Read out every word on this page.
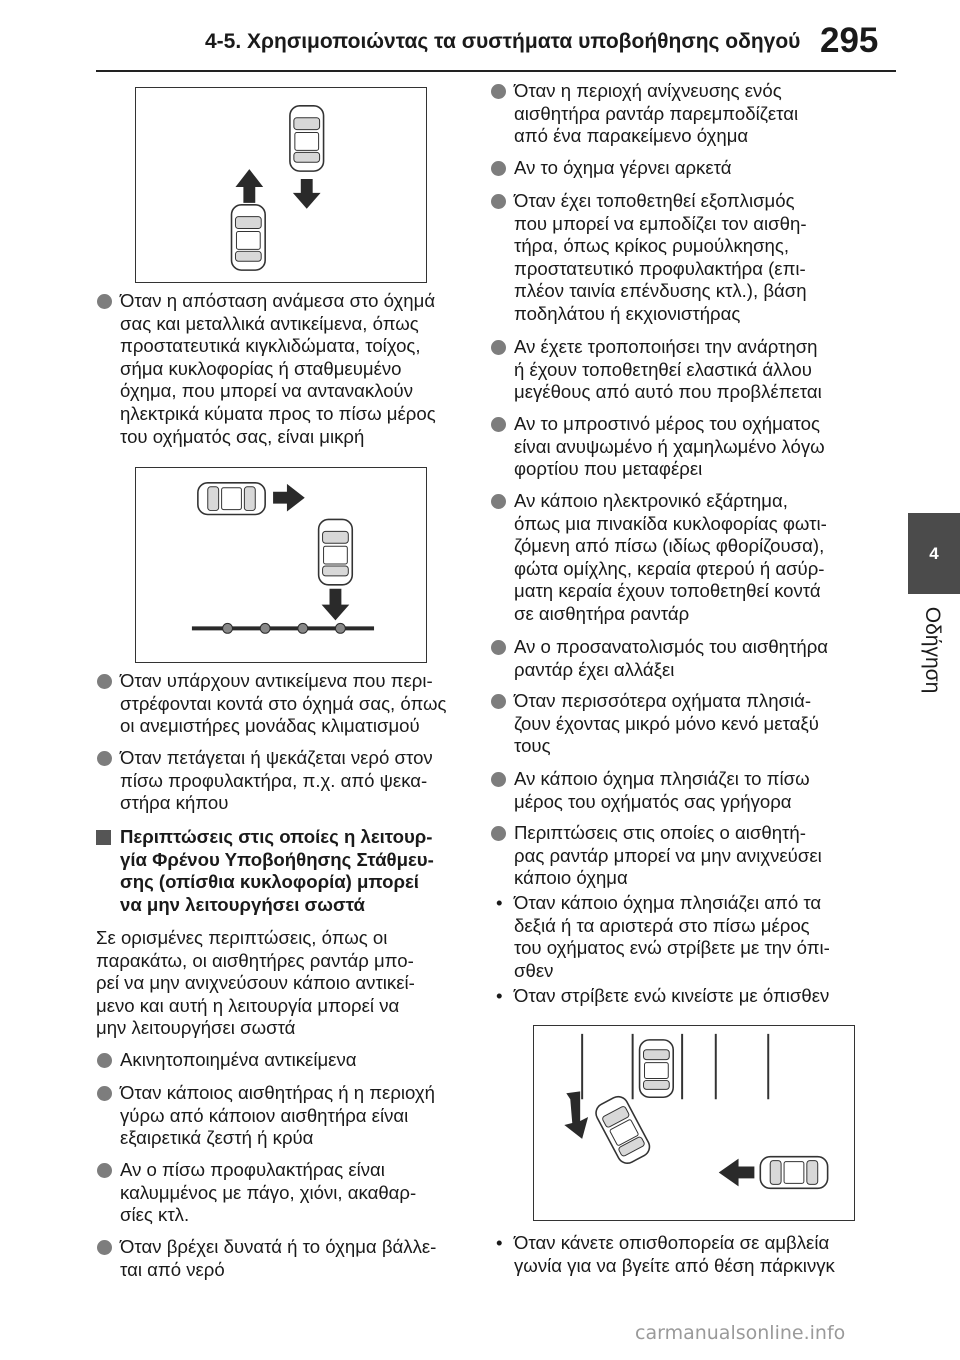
4-5. Χρησιμοποιώντας τα συστήματα υποβοήθησης οδηγού 295
4
Οδήγηση
Όταν η απόσταση ανάμεσα στο όχημά
σας και μεταλλικά αντικείμενα, όπως
προστατευτικά κιγκλιδώματα, τοίχος,
σήμα κυκλοφορίας ή σταθμευμένο
όχημα, που μπορεί να αντανακλούν
ηλεκτρικά κύματα προς το πίσω μέρος
του οχήματός σας, είναι μικρή
Όταν υπάρχουν αντικείμενα που περι-
στρέφονται κοντά στο όχημά σας, όπως
οι ανεμιστήρες μονάδας κλιματισμού
Όταν πετάγεται ή ψεκάζεται νερό στον
πίσω προφυλακτήρα, π.χ. από ψεκα-
στήρα κήπου
Περιπτώσεις στις οποίες η λειτουρ-
γία Φρένου Υποβοήθησης Στάθμευ-
σης (οπίσθια κυκλοφορία) μπορεί
να μην λειτουργήσει σωστά
Σε ορισμένες περιπτώσεις, όπως οι
παρακάτω, οι αισθητήρες ραντάρ μπο-
ρεί να μην ανιχνεύσουν κάποιο αντικεί-
μενο και αυτή η λειτουργία μπορεί να
μην λειτουργήσει σωστά
Ακινητοποιημένα αντικείμενα
Όταν κάποιος αισθητήρας ή η περιοχή
γύρω από κάποιον αισθητήρα είναι
εξαιρετικά ζεστή ή κρύα
Αν ο πίσω προφυλακτήρας είναι
καλυμμένος με πάγο, χιόνι, ακαθαρ-
σίες κτλ.
Όταν βρέχει δυνατά ή το όχημα βάλλε-
ται από νερό
Όταν η περιοχή ανίχνευσης ενός
αισθητήρα ραντάρ παρεμποδίζεται
από ένα παρακείμενο όχημα
Αν το όχημα γέρνει αρκετά
Όταν έχει τοποθετηθεί εξοπλισμός
που μπορεί να εμποδίζει τον αισθη-
τήρα, όπως κρίκος ρυμούλκησης,
προστατευτικό προφυλακτήρα (επι-
πλέον ταινία επένδυσης κτλ.), βάση
ποδηλάτου ή εκχιονιστήρας
Αν έχετε τροποποιήσει την ανάρτηση
ή έχουν τοποθετηθεί ελαστικά άλλου
μεγέθους από αυτό που προβλέπεται
Αν το μπροστινό μέρος του οχήματος
είναι ανυψωμένο ή χαμηλωμένο λόγω
φορτίου που μεταφέρει
Αν κάποιο ηλεκτρονικό εξάρτημα,
όπως μια πινακίδα κυκλοφορίας φωτι-
ζόμενη από πίσω (ιδίως φθορίζουσα),
φώτα ομίχλης, κεραία φτερού ή ασύρ-
ματη κεραία έχουν τοποθετηθεί κοντά
σε αισθητήρα ραντάρ
Αν ο προσανατολισμός του αισθητήρα
ραντάρ έχει αλλάξει
Όταν περισσότερα οχήματα πλησιά-
ζουν έχοντας μικρό μόνο κενό μεταξύ
τους
Αν κάποιο όχημα πλησιάζει το πίσω
μέρος του οχήματός σας γρήγορα
Περιπτώσεις στις οποίες ο αισθητή-
ρας ραντάρ μπορεί να μην ανιχνεύσει
κάποιο όχημα
• Όταν κάποιο όχημα πλησιάζει από τα
δεξιά ή τα αριστερά στο πίσω μέρος
του οχήματος ενώ στρίβετε με την όπι-
σθεν
• Όταν στρίβετε ενώ κινείστε με όπισθεν
• Όταν κάνετε οπισθοπορεία σε αμβλεία
γωνία για να βγείτε από θέση πάρκινγκ
carmanualsonline.info
